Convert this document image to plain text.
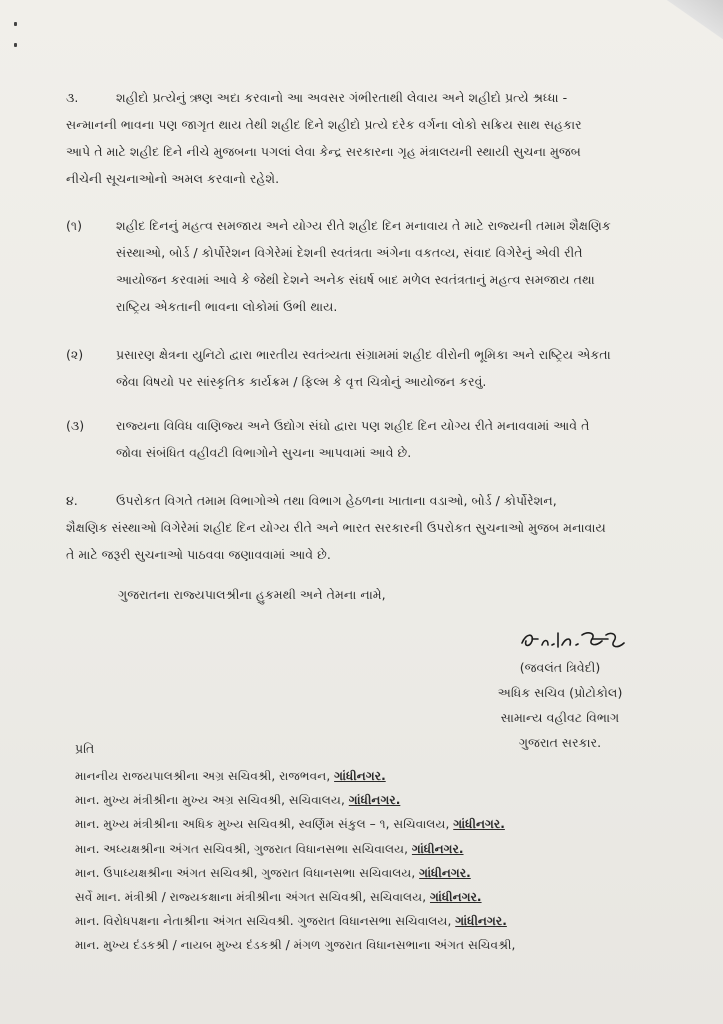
૩.	શહીદો પ્રત્યેનું ઋણ અદા કરવાનો આ અવસર ગંભીરતાથી લેવાય અને શહીદો પ્રત્યે શ્રધ્ધા -
સન્માનની ભાવના પણ જાગૃત થાય તેથી શહીદ દિને શહીદો પ્રત્યે દરેક વર્ગના લોકો સક્રિય સાથ સહકાર
આપે તે માટે શહીદ દિને નીચે મુજબના પગલાં લેવા કેન્દ્ર સરકારના ગૃહ મંત્રાલયની સ્થાયી સુચના મુજબ
નીચેની સૂચનાઓનો અમલ કરવાનો રહેશે.
(૧)	શહીદ દિનનું મહત્વ સમજાય અને યોગ્ય રીતે શહીદ દિન મનાવાય તે માટે રાજ્યની તમામ શૈક્ષણિક
સંસ્થાઓ, બોર્ડ / કોર્પોરેશન વિગેરેમાં દેશની સ્વતંત્રતા અંગેના વકતવ્ય, સંવાદ વિગેરેનું એવી રીતે
આયોજન કરવામાં આવે કે જેથી દેશને અનેક સંઘર્ષ બાદ મળેલ સ્વતંત્રતાનું મહત્વ સમજાય તથા
રાષ્ટ્રિય એકતાની ભાવના લોકોમાં ઉભી થાય.
(૨)	પ્રસારણ ક્ષેત્રના યુનિટો દ્વારા ભારતીય સ્વતંત્ર્યતા સંગ્રામમાં શહીદ વીરોની ભૂમિકા અને રાષ્ટ્રિય એકતા
જેવા વિષયો પર સાંસ્કૃતિક કાર્યક્રમ / ફિલ્મ કે વૃત્ત ચિત્રોનું આયોજન કરવું.
(૩)	રાજ્યના વિવિધ વાણિજ્ય અને ઉદ્યોગ સંઘો દ્વારા પણ શહીદ દિન યોગ્ય રીતે મનાવવામાં આવે તે
જોવા સંબંધિત વહીવટી વિભાગોને સુચના આપવામાં આવે છે.
૪.	ઉપરોકત વિગતે તમામ વિભાગોએ તથા વિભાગ હેઠળના ખાતાના વડાઓ, બોર્ડ / કોર્પોરેશન,
શૈક્ષણિક સંસ્થાઓ વિગેરેમાં શહીદ દિન યોગ્ય રીતે અને ભારત સરકારની ઉપરોકત સુચનાઓ મુજબ મનાવાય
તે માટે જરૂરી સુચનાઓ પાઠવવા જણાવવામાં આવે છે.
ગુજરાતના રાજ્યપાલશ્રીના હુકમથી અને તેમના નામે,
(જવલંત ત્રિવેદી)
અધિક સચિવ (પ્રોટોકોલ)
સામાન્ય વહીવટ વિભાગ
ગુજરાત સરકાર.
પ્રતિ
માનનીય રાજયપાલશ્રીના અગ્ર સચિવશ્રી, રાજભવન, ગાંધીનગર.
માન. મુખ્ય મંત્રીશ્રીના મુખ્ય અગ્ર સચિવશ્રી, સચિવાલય, ગાંધીનગર.
માન. મુખ્ય મંત્રીશ્રીના અધિક મુખ્ય સચિવશ્રી, સ્વર્ણિમ સંકુલ – ૧, સચિવાલય, ગાંધીનગર.
માન. અધ્યક્ષશ્રીના અંગત સચિવશ્રી, ગુજરાત વિધાનસભા સચિવાલય, ગાંધીનગર.
માન. ઉપાધ્યક્ષશ્રીના અંગત સચિવશ્રી, ગુજરાત વિધાનસભા સચિવાલય, ગાંધીનગર.
સર્વે માન. મંત્રીશ્રી / રાજ્યકક્ષાના મંત્રીશ્રીના અંગત સચિવશ્રી, સચિવાલય, ગાંધીનગર.
માન. વિરોધપક્ષના નેતાશ્રીના અંગત સચિવશ્રી. ગુજરાત વિધાનસભા સચિવાલય, ગાંધીનગર.
માન. મુખ્ય દંડકશ્રી / નાયબ મુખ્ય દંડકશ્રી / મંગળ ગુજરાત વિધાનસભાના અંગત સચિવશ્રી,
